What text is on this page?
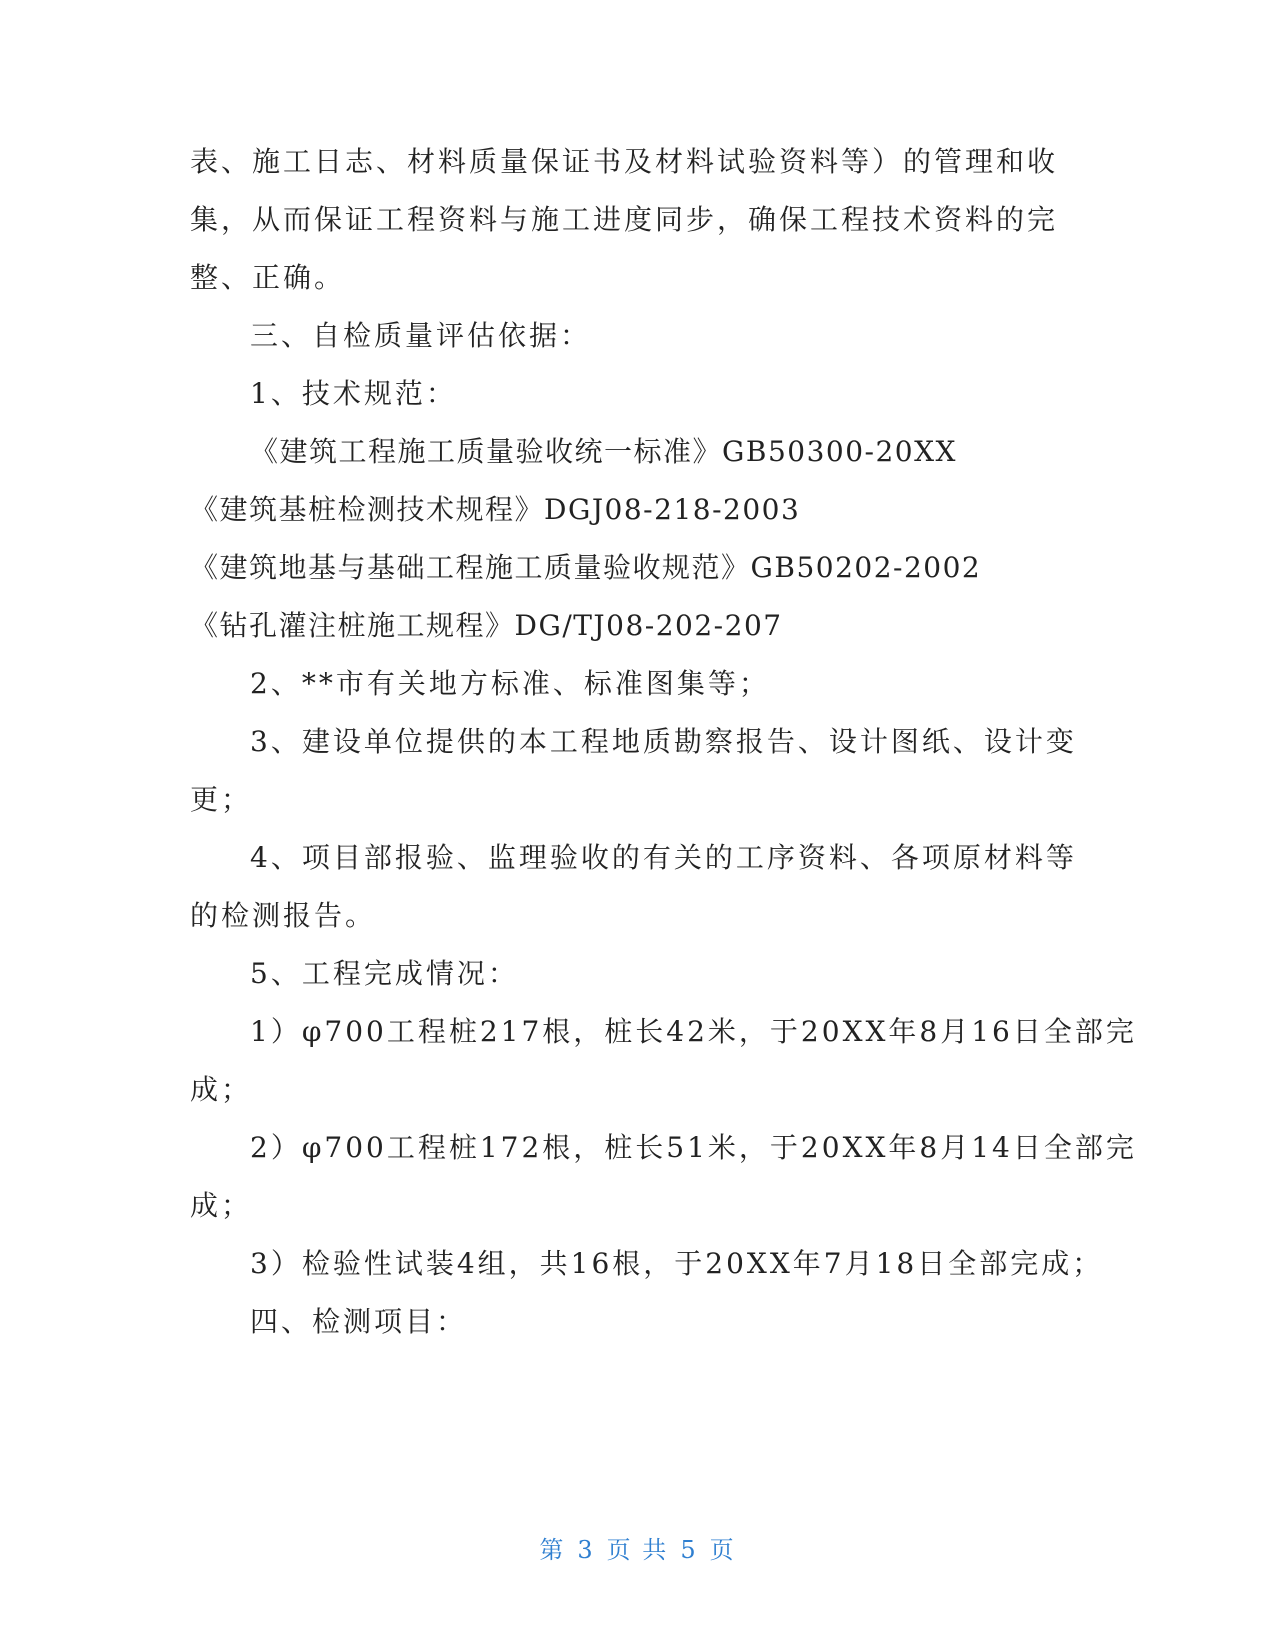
表、施工日志、材料质量保证书及材料试验资料等）的管理和收
集，从而保证工程资料与施工进度同步，确保工程技术资料的完
整、正确。
三、自检质量评估依据：
1、技术规范：
《建筑工程施工质量验收统一标准》GB50300-20XX
《建筑基桩检测技术规程》DGJ08-218-2003
《建筑地基与基础工程施工质量验收规范》GB50202-2002
《钻孔灌注桩施工规程》DG/TJ08-202-207
2、**市有关地方标准、标准图集等；
3、建设单位提供的本工程地质勘察报告、设计图纸、设计变
更；
4、项目部报验、监理验收的有关的工序资料、各项原材料等
的检测报告。
5、工程完成情况：
1）φ700工程桩217根，桩长42米，于20XX年8月16日全部完
成；
2）φ700工程桩172根，桩长51米，于20XX年8月14日全部完
成；
3）检验性试装4组，共16根，于20XX年7月18日全部完成；
四、检测项目：
第 3 页 共 5 页
